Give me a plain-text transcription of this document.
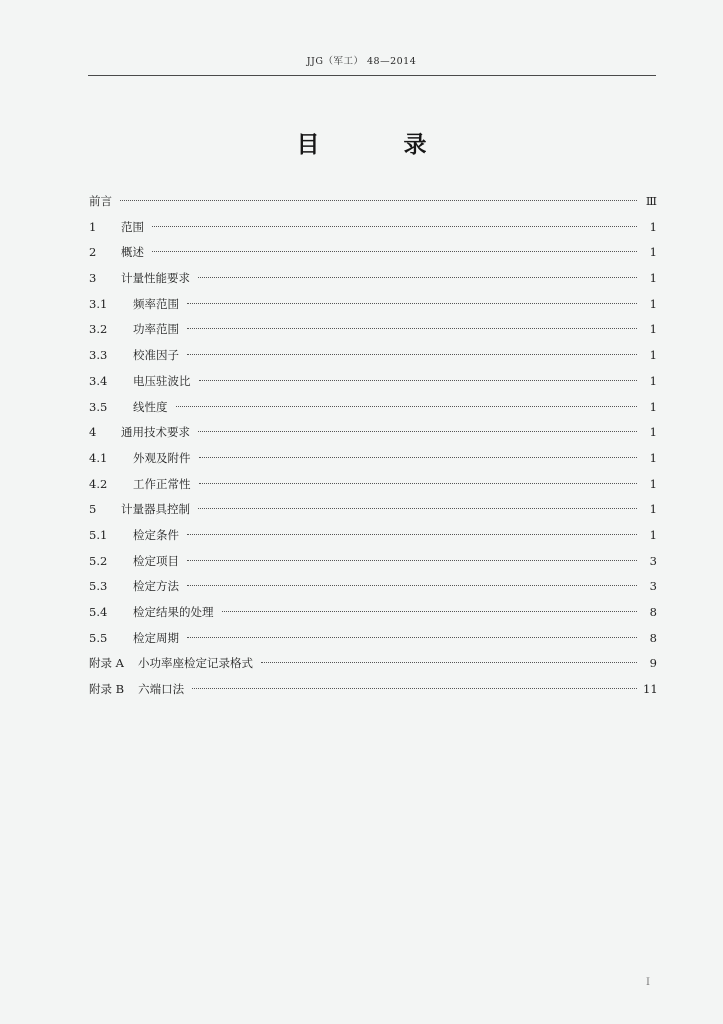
JJG（军工） 48—2014
目 录
前言	Ⅲ
1	范围	1
2	概述	1
3	计量性能要求	1
3.1	频率范围	1
3.2	功率范围	1
3.3	校准因子	1
3.4	电压驻波比	1
3.5	线性度	1
4	通用技术要求	1
4.1	外观及附件	1
4.2	工作正常性	1
5	计量器具控制	1
5.1	检定条件	1
5.2	检定项目	3
5.3	检定方法	3
5.4	检定结果的处理	8
5.5	检定周期	8
附录 A	小功率座检定记录格式	9
附录 B	六端口法	11
I
